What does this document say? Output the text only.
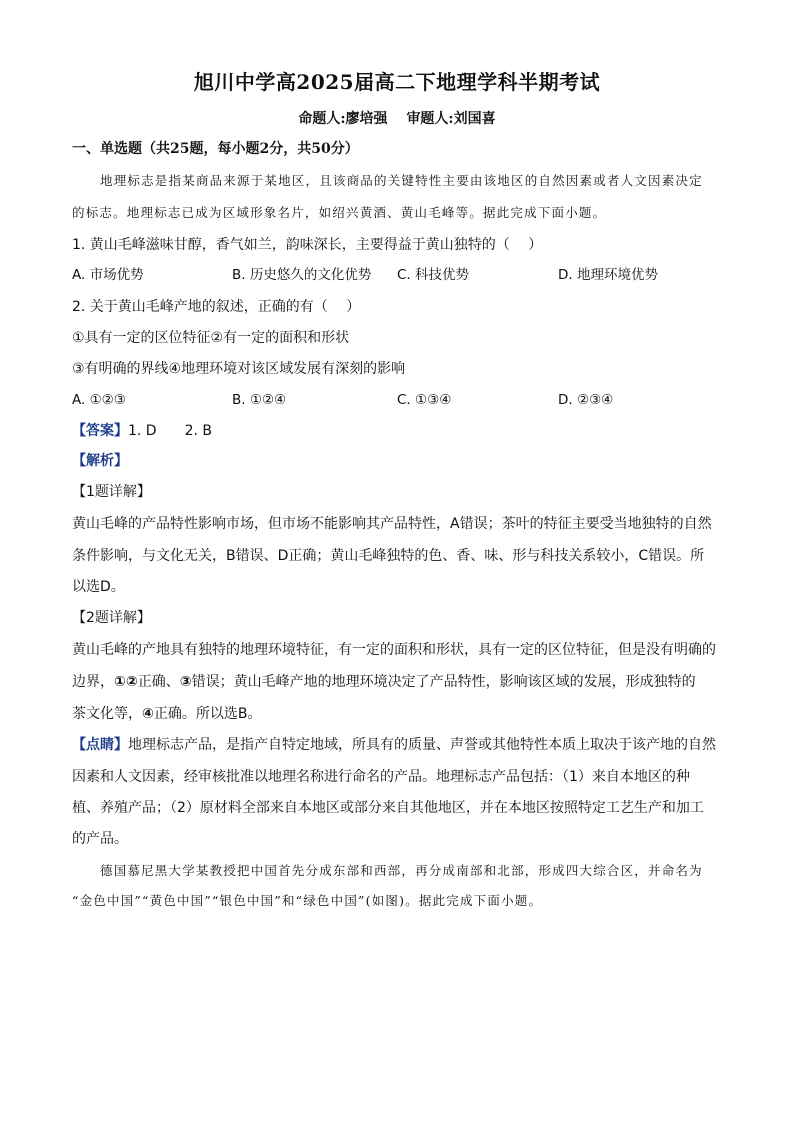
旭川中学高2025届高二下地理学科半期考试
命题人:廖培强 审题人:刘国喜
一、单选题（共25题，每小题2分，共50分）
地理标志是指某商品来源于某地区，且该商品的关键特性主要由该地区的自然因素或者人文因素决定
的标志。地理标志已成为区域形象名片，如绍兴黄酒、黄山毛峰等。据此完成下面小题。
1. 黄山毛峰滋味甘醇，香气如兰，韵味深长，主要得益于黄山独特的（　 ）
A. 市场优势	B. 历史悠久的文化优势 C. 科技优势	D. 地理环境优势
2. 关于黄山毛峰产地的叙述，正确的有（　 ）
①具有一定的区位特征②有一定的面积和形状
③有明确的界线④地理环境对该区域发展有深刻的影响
A. ①②③	B. ①②④	C. ①③④	D. ②③④
【答案】1. D　　2. B
【解析】
【1题详解】
黄山毛峰的产品特性影响市场，但市场不能影响其产品特性，A错误；茶叶的特征主要受当地独特的自然
条件影响，与文化无关，B错误、D正确；黄山毛峰独特的色、香、味、形与科技关系较小，C错误。所
以选D。
【2题详解】
黄山毛峰的产地具有独特的地理环境特征，有一定的面积和形状，具有一定的区位特征，但是没有明确的
边界，①②正确、③错误；黄山毛峰产地的地理环境决定了产品特性，影响该区域的发展，形成独特的
茶文化等，④正确。所以选B。
【点睛】地理标志产品，是指产自特定地域，所具有的质量、声誉或其他特性本质上取决于该产地的自然
因素和人文因素，经审核批准以地理名称进行命名的产品。地理标志产品包括：（1）来自本地区的种
植、养殖产品；（2）原材料全部来自本地区或部分来自其他地区，并在本地区按照特定工艺生产和加工
的产品。
德国慕尼黑大学某教授把中国首先分成东部和西部，再分成南部和北部，形成四大综合区，并命名为
“金色中国”“黄色中国”“银色中国”和“绿色中国”(如图)。据此完成下面小题。
